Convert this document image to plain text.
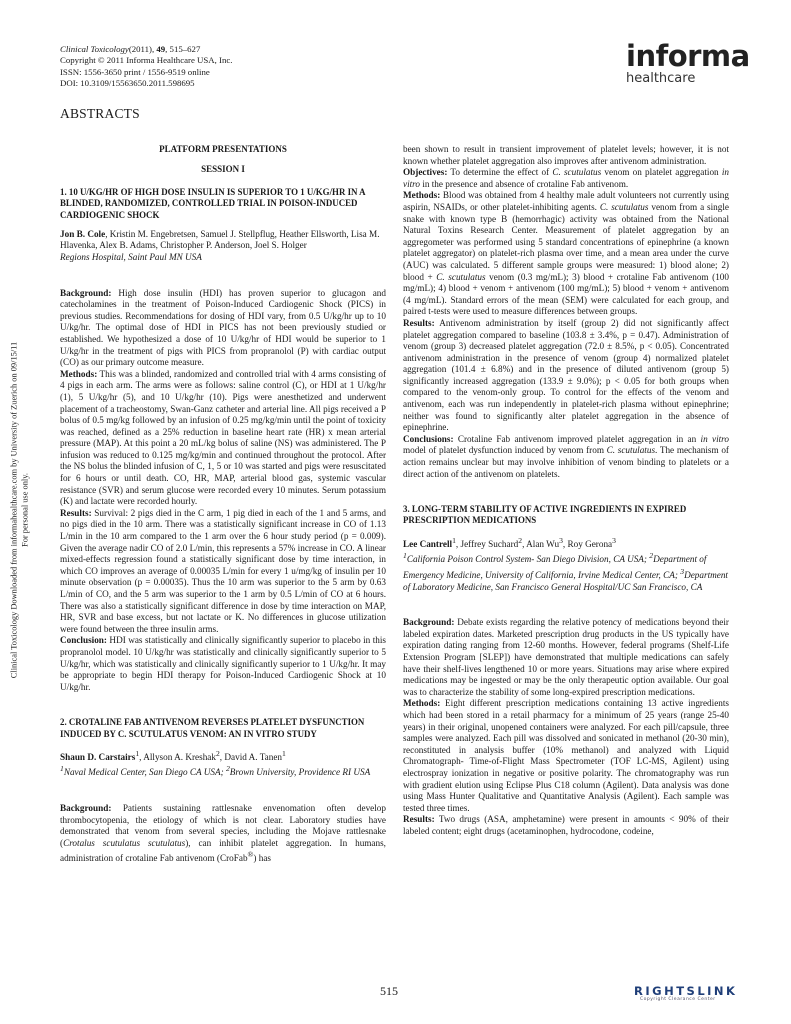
Clinical Toxicology(2011), 49, 515–627
Copyright © 2011 Informa Healthcare USA, Inc.
ISSN: 1556-3650 print / 1556-9519 online
DOI: 10.3109/15563650.2011.598695
informa
healthcare
ABSTRACTS
Clinical Toxicology Downloaded from informahealthcare.com by University of Zuerich on 09/15/11 For personal use only.

PLATFORM PRESENTATIONS

SESSION I

1. 10 U/KG/HR OF HIGH DOSE INSULIN IS SUPERIOR TO 1 U/KG/HR IN A BLINDED, RANDOMIZED, CONTROLLED TRIAL IN POISON-INDUCED CARDIOGENIC SHOCK

Jon B. Cole, Kristin M. Engebretsen, Samuel J. Stellpflug, Heather Ellsworth, Lisa M. Hlavenka, Alex B. Adams, Christopher P. Anderson, Joel S. Holger

Regions Hospital, Saint Paul MN USA

Background: High dose insulin (HDI) has proven superior to glucagon and catecholamines in the treatment of Poison-Induced Cardiogenic Shock (PICS) in previous studies. Recommendations for dosing of HDI vary, from 0.5 U/kg/hr up to 10 U/kg/hr. The optimal dose of HDI in PICS has not been previously studied or established. We hypothesized a dose of 10 U/kg/hr of HDI would be superior to 1 U/kg/hr in the treatment of pigs with PICS from propranolol (P) with cardiac output (CO) as our primary outcome measure.

Methods: This was a blinded, randomized and controlled trial with 4 arms consisting of 4 pigs in each arm. The arms were as follows: saline control (C), or HDI at 1 U/kg/hr (1), 5 U/kg/hr (5), and 10 U/kg/hr (10). Pigs were anesthetized and underwent placement of a tracheostomy, Swan-Ganz catheter and arterial line. All pigs received a P bolus of 0.5 mg/kg followed by an infusion of 0.25 mg/kg/min until the point of toxicity was reached, defined as a 25% reduction in baseline heart rate (HR) x mean arterial pressure (MAP). At this point a 20 mL/kg bolus of saline (NS) was administered. The P infusion was reduced to 0.125 mg/kg/min and continued throughout the protocol. After the NS bolus the blinded infusion of C, 1, 5 or 10 was started and pigs were resuscitated for 6 hours or until death. CO, HR, MAP, arterial blood gas, systemic vascular resistance (SVR) and serum glucose were recorded every 10 minutes. Serum potassium (K) and lactate were recorded hourly.

Results: Survival: 2 pigs died in the C arm, 1 pig died in each of the 1 and 5 arms, and no pigs died in the 10 arm. There was a statistically significant increase in CO of 1.13 L/min in the 10 arm compared to the 1 arm over the 6 hour study period (p = 0.009). Given the average nadir CO of 2.0 L/min, this represents a 57% increase in CO. A linear mixed-effects regression found a statistically significant dose by time interaction, in which CO improves an average of 0.00035 L/min for every 1 u/mg/kg of insulin per 10 minute observation (p = 0.00035). Thus the 10 arm was superior to the 5 arm by 0.63 L/min of CO, and the 5 arm was superior to the 1 arm by 0.5 L/min of CO at 6 hours. There was also a statistically significant difference in dose by time interaction on MAP, HR, SVR and base excess, but not lactate or K. No differences in glucose utilization were found between the three insulin arms.

Conclusion: HDI was statistically and clinically significantly superior to placebo in this propranolol model. 10 U/kg/hr was statistically and clinically significantly superior to 5 U/kg/hr, which was statistically and clinically significantly superior to 1 U/kg/hr. It may be appropriate to begin HDI therapy for Poison-Induced Cardiogenic Shock at 10 U/kg/hr.

2. CROTALINE FAB ANTIVENOM REVERSES PLATELET DYSFUNCTION INDUCED BY C. SCUTULATUS VENOM: AN IN VITRO STUDY

Shaun D. Carstairs$^1$, Allyson A. Kreshak$^2$, David A. Tanen$^1$

$^1$Naval Medical Center, San Diego CA USA; $^2$Brown University, Providence RI USA

Background: Patients sustaining rattlesnake envenomation often develop thrombocytopenia, the etiology of which is not clear. Laboratory studies have demonstrated that venom from several species, including the Mojave rattlesnake (Crotalus scutulatus scutulatus), can inhibit platelet aggregation. In humans, administration of crotaline Fab antivenom (CroFab®) has

been shown to result in transient improvement of platelet levels; however, it is not known whether platelet aggregation also improves after antivenom administration.

Objectives: To determine the effect of C. scutulatus venom on platelet aggregation in vitro in the presence and absence of crotaline Fab antivenom.

Methods: Blood was obtained from 4 healthy male adult volunteers not currently using aspirin, NSAIDs, or other platelet-inhibiting agents. C. scutulatus venom from a single snake with known type B (hemorrhagic) activity was obtained from the National Natural Toxins Research Center. Measurement of platelet aggregation by an aggregometer was performed using 5 standard concentrations of epinephrine (a known platelet aggregator) on platelet-rich plasma over time, and a mean area under the curve (AUC) was calculated. 5 different sample groups were measured: 1) blood alone; 2) blood + C. scutulatus venom (0.3 mg/mL); 3) blood + crotaline Fab antivenom (100 mg/mL); 4) blood + venom + antivenom (100 mg/mL); 5) blood + venom + antivenom (4 mg/mL). Standard errors of the mean (SEM) were calculated for each group, and paired t-tests were used to measure differences between groups.

Results: Antivenom administration by itself (group 2) did not significantly affect platelet aggregation compared to baseline (103.8 ± 3.4%, p = 0.47). Administration of venom (group 3) decreased platelet aggregation (72.0 ± 8.5%, p < 0.05). Concentrated antivenom administration in the presence of venom (group 4) normalized platelet aggregation (101.4 ± 6.8%) and in the presence of diluted antivenom (group 5) significantly increased aggregation (133.9 ± 9.0%); p < 0.05 for both groups when compared to the venom-only group. To control for the effects of the venom and antivenom, each was run independently in platelet-rich plasma without epinephrine; neither was found to significantly alter platelet aggregation in the absence of epinephrine.

Conclusions: Crotaline Fab antivenom improved platelet aggregation in an in vitro model of platelet dysfunction induced by venom from C. scutulatus. The mechanism of action remains unclear but may involve inhibition of venom binding to platelets or a direct action of the antivenom on platelets.

3. LONG-TERM STABILITY OF ACTIVE INGREDIENTS IN EXPIRED PRESCRIPTION MEDICATIONS

Lee Cantrell$^1$, Jeffrey Suchard$^2$, Alan Wu$^3$, Roy Gerona$^3$

$^1$California Poison Control System- San Diego Division, CA USA; $^2$Department of Emergency Medicine, University of California, Irvine Medical Center, CA; $^3$Department of Laboratory Medicine, San Francisco General Hospital/UC San Francisco, CA

Background: Debate exists regarding the relative potency of medications beyond their labeled expiration dates. Marketed prescription drug products in the US typically have expiration dating ranging from 12-60 months. However, federal programs (Shelf-Life Extension Program [SLEP]) have demonstrated that multiple medications can safely have their shelf-lives lengthened 10 or more years. Situations may arise where expired medications may be ingested or may be the only therapeutic option available. Our goal was to characterize the stability of some long-expired prescription medications.

Methods: Eight different prescription medications containing 13 active ingredients which had been stored in a retail pharmacy for a minimum of 25 years (range 25-40 years) in their original, unopened containers were analyzed. For each pill/capsule, three samples were analyzed. Each pill was dissolved and sonicated in methanol (20-30 min), reconstituted in analysis buffer (10% methanol) and analyzed with Liquid Chromatograph- Time-of-Flight Mass Spectrometer (TOF LC-MS, Agilent) using electrospray ionization in negative or positive polarity. The chromatography was run with gradient elution using Eclipse Plus C18 column (Agilent). Data analysis was done using Mass Hunter Qualitative and Quantitative Analysis (Agilent). Each sample was tested three times.

Results: Two drugs (ASA, amphetamine) were present in amounts < 90% of their labeled content; eight drugs (acetaminophen, hydrocodone, codeine,

515	RIGHTSLINK
Copyright Clearance Center
